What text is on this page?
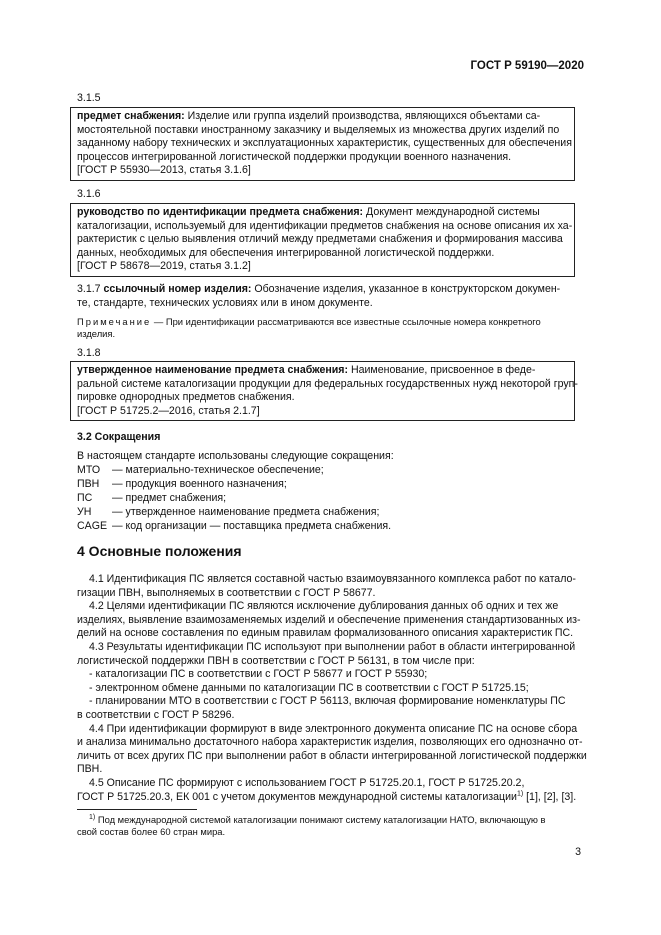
ГОСТ Р 59190—2020
3.1.5

предмет снабжения: Изделие или группа изделий производства, являющихся объектами са-

мостоятельной поставки иностранному заказчику и выделяемых из множества других изделий по

заданному набору технических и эксплуатационных характеристик, существенных для обеспечения

процессов интегрированной логистической поддержки продукции военного назначения.

[ГОСТ Р 55930—2013, статья 3.1.6]

3.1.6

руководство по идентификации предмета снабжения: Документ международной системы

каталогизации, используемый для идентификации предметов снабжения на основе описания их ха-

рактеристик с целью выявления отличий между предметами снабжения и формирования массива

данных, необходимых для обеспечения интегрированной логистической поддержки.

[ГОСТ Р 58678—2019, статья 3.1.2]

3.1.7 ссылочный номер изделия: Обозначение изделия, указанное в конструкторском докумен-
те, стандарте, технических условиях или в ином документе.
Примечание — При идентификации рассматриваются все известные ссылочные номера конкретного
изделия.
3.1.8

утвержденное наименование предмета снабжения: Наименование, присвоенное в феде-

ральной системе каталогизации продукции для федеральных государственных нужд некоторой груп-

пировке однородных предметов снабжения.

[ГОСТ Р 51725.2—2016, статья 2.1.7]

3.2 Сокращения
В настоящем стандарте использованы следующие сокращения:
МТО — материально-техническое обеспечение;
ПВН — продукция военного назначения;
ПС — предмет снабжения;
УН — утвержденное наименование предмета снабжения;
CAGE — код организации — поставщика предмета снабжения.
4 Основные положения
4.1 Идентификация ПС является составной частью взаимоувязанного комплекса работ по катало-
гизации ПВН, выполняемых в соответствии с ГОСТ Р 58677.
4.2 Целями идентификации ПС являются исключение дублирования данных об одних и тех же
изделиях, выявление взаимозаменяемых изделий и обеспечение применения стандартизованных из-
делий на основе составления по единым правилам формализованного описания характеристик ПС.
4.3 Результаты идентификации ПС используют при выполнении работ в области интегрированной
логистической поддержки ПВН в соответствии с ГОСТ Р 56131, в том числе при:
- каталогизации ПС в соответствии с ГОСТ Р 58677 и ГОСТ Р 55930;
- электронном обмене данными по каталогизации ПС в соответствии с ГОСТ Р 51725.15;
- планировании МТО в соответствии с ГОСТ Р 56113, включая формирование номенклатуры ПС
в соответствии с ГОСТ Р 58296.
4.4 При идентификации формируют в виде электронного документа описание ПС на основе сбора
и анализа минимально достаточного набора характеристик изделия, позволяющих его однозначно от-
личить от всех других ПС при выполнении работ в области интегрированной логистической поддержки
ПВН.
4.5 Описание ПС формируют с использованием ГОСТ Р 51725.20.1, ГОСТ Р 51725.20.2,
ГОСТ Р 51725.20.3, ЕК 001 с учетом документов международной системы каталогизации$^{1)}$ [1], [2], [3].
$^{1)}$ Под международной системой каталогизации понимают систему каталогизации НАТО, включающую в
свой состав более 60 стран мира.
3
